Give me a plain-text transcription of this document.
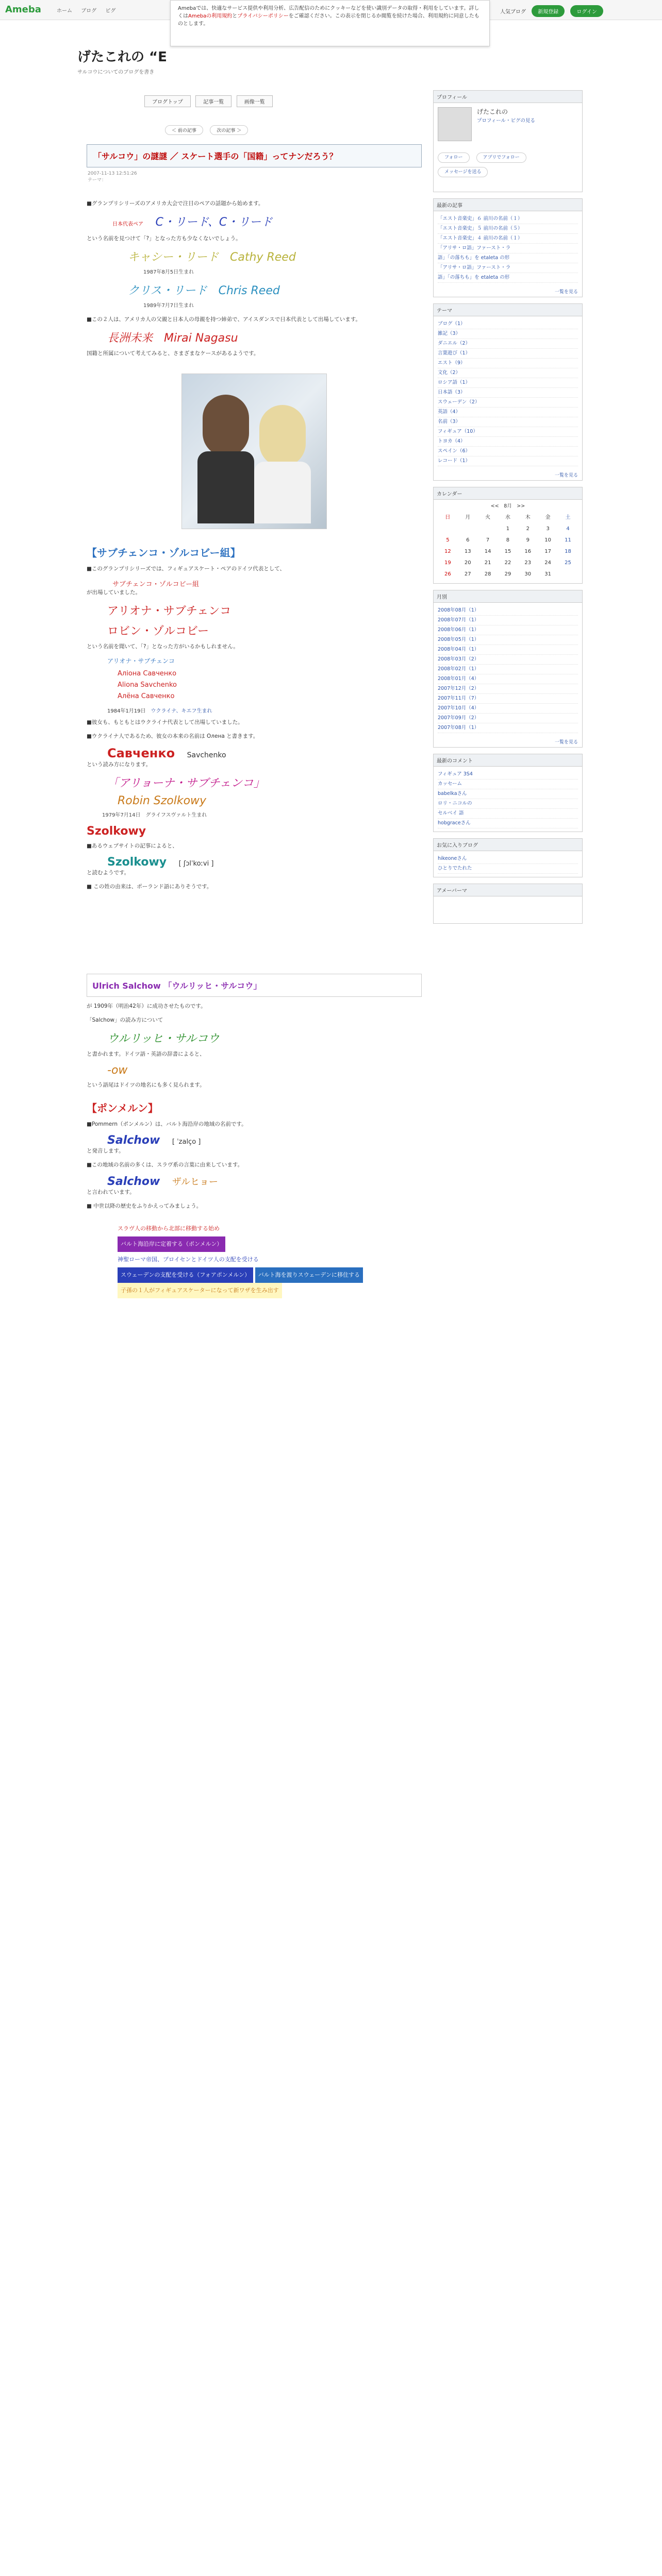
Ameba	ホーム ブログ ピグ	人気ブログ 新規登録	ログイン
Amebaでは、快適なサービス提供や利用分析、広告配信のためにクッキーなどを使い識別データの取得・利用をしています。詳しくはAmebaの利用規約とプライバシーポリシーをご確認ください。この表示を閉じるか閲覧を続けた場合、利用規約に同意したものとします。
げたこれの “E
サルコウについてのブログを書き
ブログトップ	記事一覧	画像一覧
＜ 前の記事	次の記事 ＞
「サルコウ」の謎謎 ／ スケート選手の「国籍」ってナンだろう？
2007-11-13 12:51:26
テーマ：

■グランプリシリーズのアメリカ大会で注目のペアの話題から始めます。

日本代表ペア C・リード、C・リード

という名前を見つけて「?」となった方も少なくないでしょう。

キャシー・リード　 Cathy Reed
1987年8月5日生まれ
クリス・リード　 Chris Reed
1989年7月7日生まれ

■この２人は、アメリカ人の父親と日本人の母親を持つ姉弟で、アイスダンスで日本代表として出場しています。

長洲未来　 Mirai Nagasu

国籍と所属について考えてみると、さまざまなケースがあるようです。

【サブチェンコ・ゾルコビー組】

■このグランプリシリーズでは、フィギュアスケート・ペアのドイツ代表として、

サブチェンコ・ゾルコビー組

が出場していました。

アリオナ・サブチェンコ
ロビン・ゾルコビー

という名前を聞いて、「?」となった方がいるかもしれません。

アリオナ・サブチェンコ
Аліона Савченко
Aliona Savchenko
Алёна Савченко
1984年1月19日　 ウクライナ、キエフ生まれ

■彼女も、もともとはウクライナ代表として出場していました。

■ウクライナ人であるため、彼女の本来の名前は Олена と書きます。

Савченко Savchenko

という読み方になります。

「アリョーナ・サブチェンコ」
Robin Szolkowy
1979年7月14日　グライフスヴァルト生まれ
Szolkowy

■あるウェブサイトの記事によると、

Szolkowy [ ʃɔlˈkoːvi ]

と読むようです。

■ この姓の由来は、ポーランド語にありそうです。

Ulrich Salchow 「ウルリッヒ・サルコウ」

が 1909年（明治42年）に成功させたものです。

「Salchow」の読み方について

ウルリッヒ・サルコウ

と書かれます。ドイツ語・英語の辞書によると、

-ow

という語尾はドイツの地名にも多く見られます。

【ポンメルン】

■Pommern（ポンメルン）は、バルト海沿岸の地域の名前です。

Salchow [ ˈzalço ]

と発音します。

■この地域の名前の多くは、スラヴ系の言葉に由来しています。

Salchow ザルヒョー

と言われています。

■ 中世以降の歴史をふりかえってみましょう。

スラヴ人の移動から北部に移動する始め
バルト海沿岸に定着する（ポンメルン）
神聖ローマ帝国、プロイセンとドイツ人の支配を受ける
スウェーデンの支配を受ける（フォアポンメルン） バルト海を渡りスウェーデンに移住する 子孫の１人がフィギュアスケーターになって新ワザを生み出す
プロフィール
げたこれの
プロフィール・ピグの見る
フォロー	アプリでフォロー
メッセージを送る
最新の記事
「エスト音楽史」６ 前川の名前（１）
「エスト音楽史」５ 前川の名前（５）
「エスト音楽史」４ 前川の名前（１）
「アリサ・ロ語」ファースト・ラ
語」「の落ちも」を etaleta の形
「アリサ・ロ語」ファースト・ラ
語」「の落ちも」を etaleta の形
一覧を見る
テーマ
ブログ（1）
雑記（3）
ダニエル（2）
言葉遊び（1）
エスト（9）
文化（2）
ロシア語（1）
日本語（3）
スウェーデン（2）
英語（4）
名前（3）
フィギュア（10）
トヨカ（4）
スペイン（6）
レコード（1）
一覧を見る
カレンダー
<<　8月　>>
日	月	火	水	木	金	土
			1	2	3	4
5	6	7	8	9	10	11
12	13	14	15	16	17	18
19	20	21	22	23	24	25
26	27	28	29	30	31	
月別
2008年08月（1）
2008年07月（1）
2008年06月（1）
2008年05月（1）
2008年04月（1）
2008年03月（2）
2008年02月（1）
2008年01月（4）
2007年12月（2）
2007年11月（7）
2007年10月（4）
2007年09月（2）
2007年08月（1）
一覧を見る
最新のコメント
フィギュア 3S4
カッセーム
babelkaさん
ロリ・ニコルの
セルベイ 語
hobgraceさん
お気に入りブログ
hikeoneさん
ひとりでたれた
アメーバーマ
